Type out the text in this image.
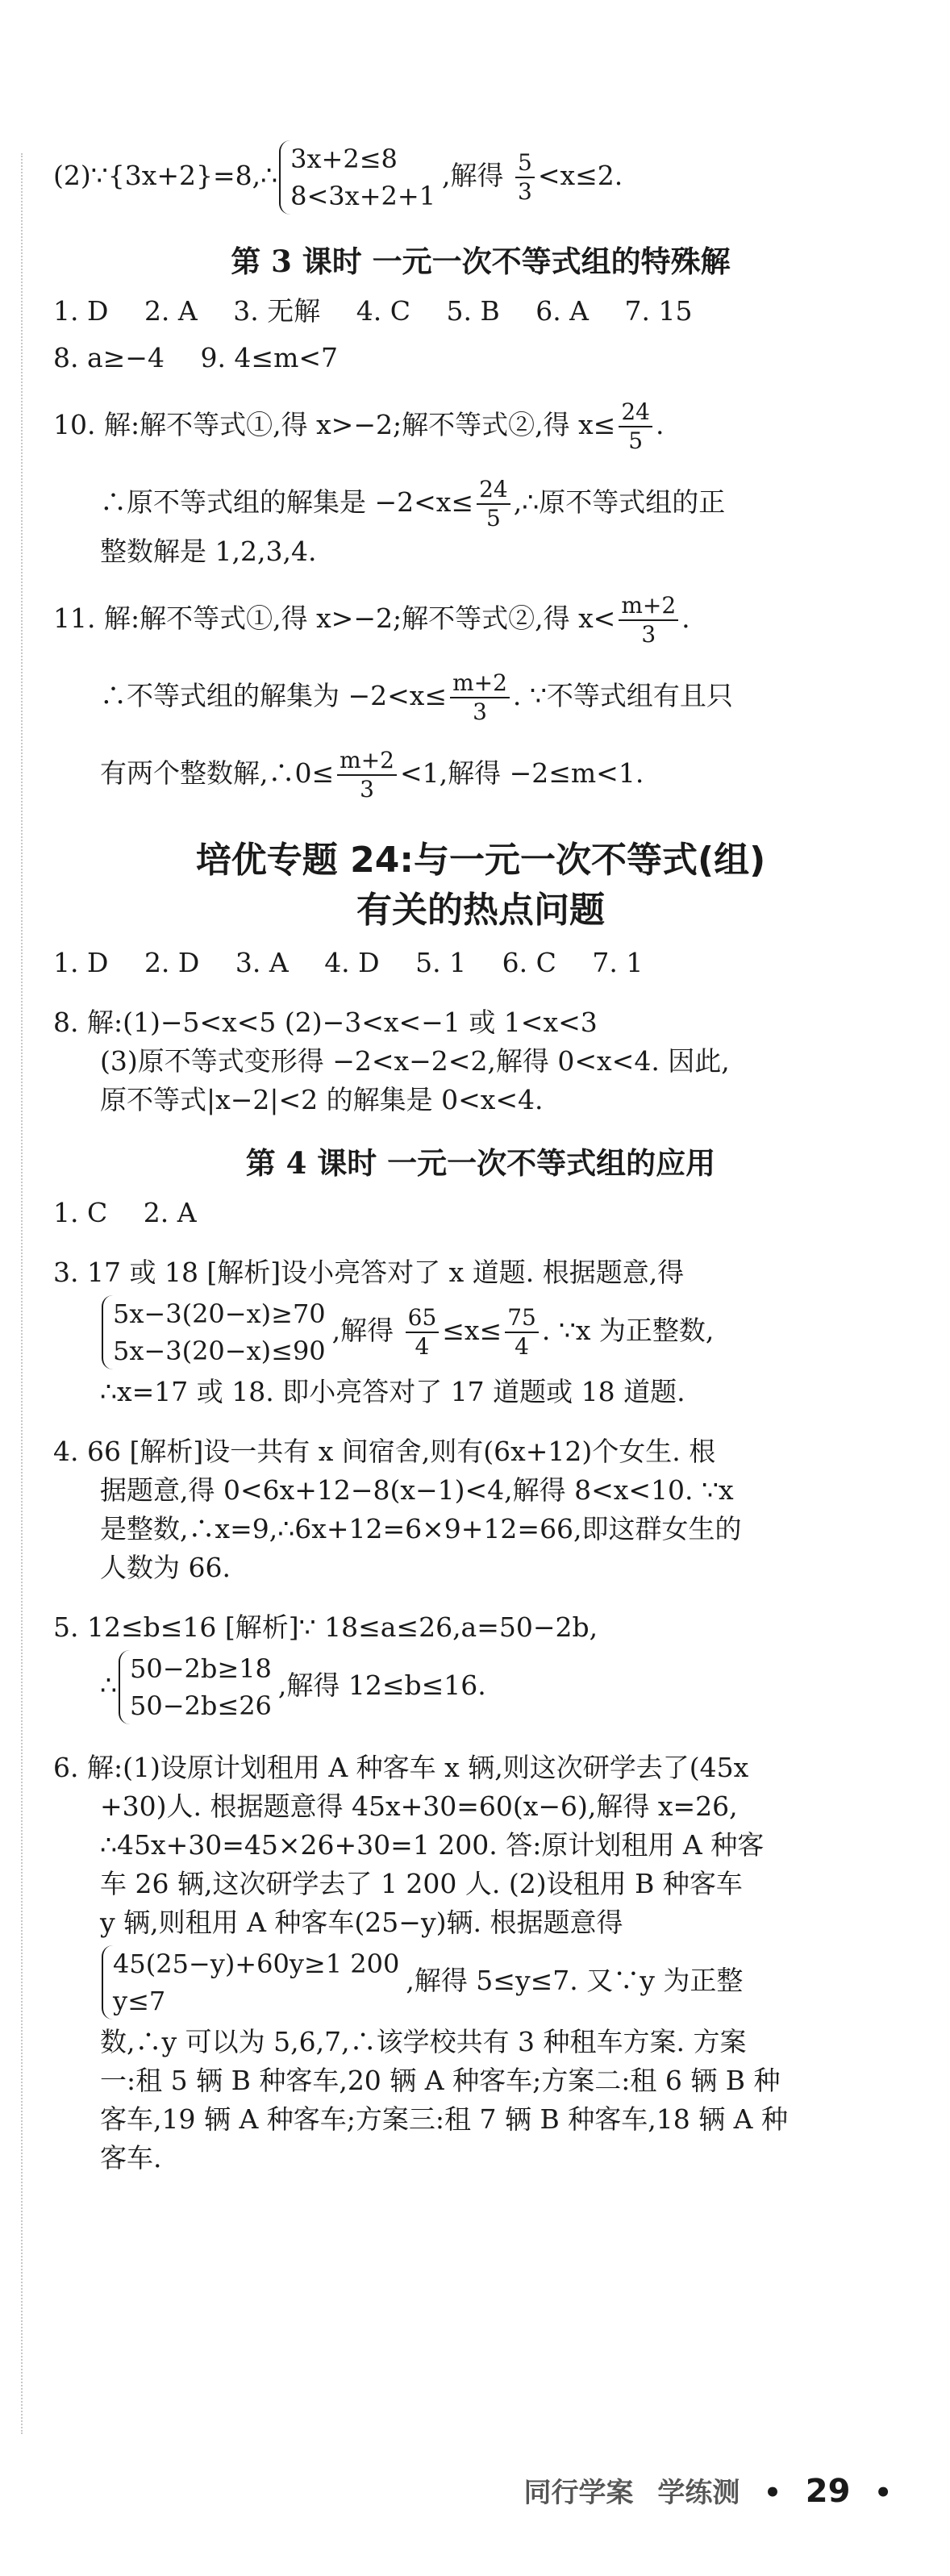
(2)∵{3x+2}=8,∴
3x+2≤8
8<3x+2+1
,解得 $\frac{5}{3} <x\le 2$.
第 3 课时 一元一次不等式组的特殊解
1. D 2. A 3. 无解 4. C 5. B 6. A 7. 15
8. a≥−4 9. 4≤m<7
10. 解:解不等式①,得 x>−2;解不等式②,得 $x\le \frac{24}{5}$ .
∴原不等式组的解集是 $-2<x\le \frac{24}{5}$ ,∴原不等式组的正
整数解是 1,2,3,4.
11. 解:解不等式①,得 x>−2;解不等式②,得 $x< \frac{m+2}{3}$ .
∴不等式组的解集为 $-2<x\le \frac{m+2}{3}$ . ∵不等式组有且只
有两个整数解,∴0≤ $\frac{m+2}{3} <1$,解得 −2≤m<1.
培优专题 24:与一元一次不等式(组)
有关的热点问题
1. D 2. D 3. A 4. D 5. 1 6. C 7. 1
8. 解:(1)−5<x<5 (2)−3<x<−1 或 1<x<3
(3)原不等式变形得 −2<x−2<2,解得 0<x<4. 因此,
原不等式|x−2|<2 的解集是 0<x<4.
第 4 课时 一元一次不等式组的应用
1. C 2. A
3. 17 或 18 [解析]设小亮答对了 x 道题. 根据题意,得
5x−3(20−x)≥70
5x−3(20−x)≤90
,解得 $\frac{65}{4} \le x\le \frac{75}{4}$ . ∵x 为正整数,
∴x=17 或 18. 即小亮答对了 17 道题或 18 道题.
4. 66 [解析]设一共有 x 间宿舍,则有(6x+12)个女生. 根
据题意,得 0<6x+12−8(x−1)<4,解得 8<x<10. ∵x
是整数,∴x=9,∴6x+12=6×9+12=66,即这群女生的
人数为 66.
5. 12≤b≤16 [解析]∵ 18≤a≤26,a=50−2b,
∴
50−2b≥18
50−2b≤26
,解得 12≤b≤16.
6. 解:(1)设原计划租用 A 种客车 x 辆,则这次研学去了(45x
+30)人. 根据题意得 45x+30=60(x−6),解得 x=26,
∴45x+30=45×26+30=1 200. 答:原计划租用 A 种客
车 26 辆,这次研学去了 1 200 人. (2)设租用 B 种客车
y 辆,则租用 A 种客车(25−y)辆. 根据题意得
45(25−y)+60y≥1 200
y≤7
,解得 5≤y≤7. 又∵y 为正整
数,∴y 可以为 5,6,7,∴该学校共有 3 种租车方案. 方案
一:租 5 辆 B 种客车,20 辆 A 种客车;方案二:租 6 辆 B 种
客车,19 辆 A 种客车;方案三:租 7 辆 B 种客车,18 辆 A 种
客车.
同行学案 学练测 • 29 •
